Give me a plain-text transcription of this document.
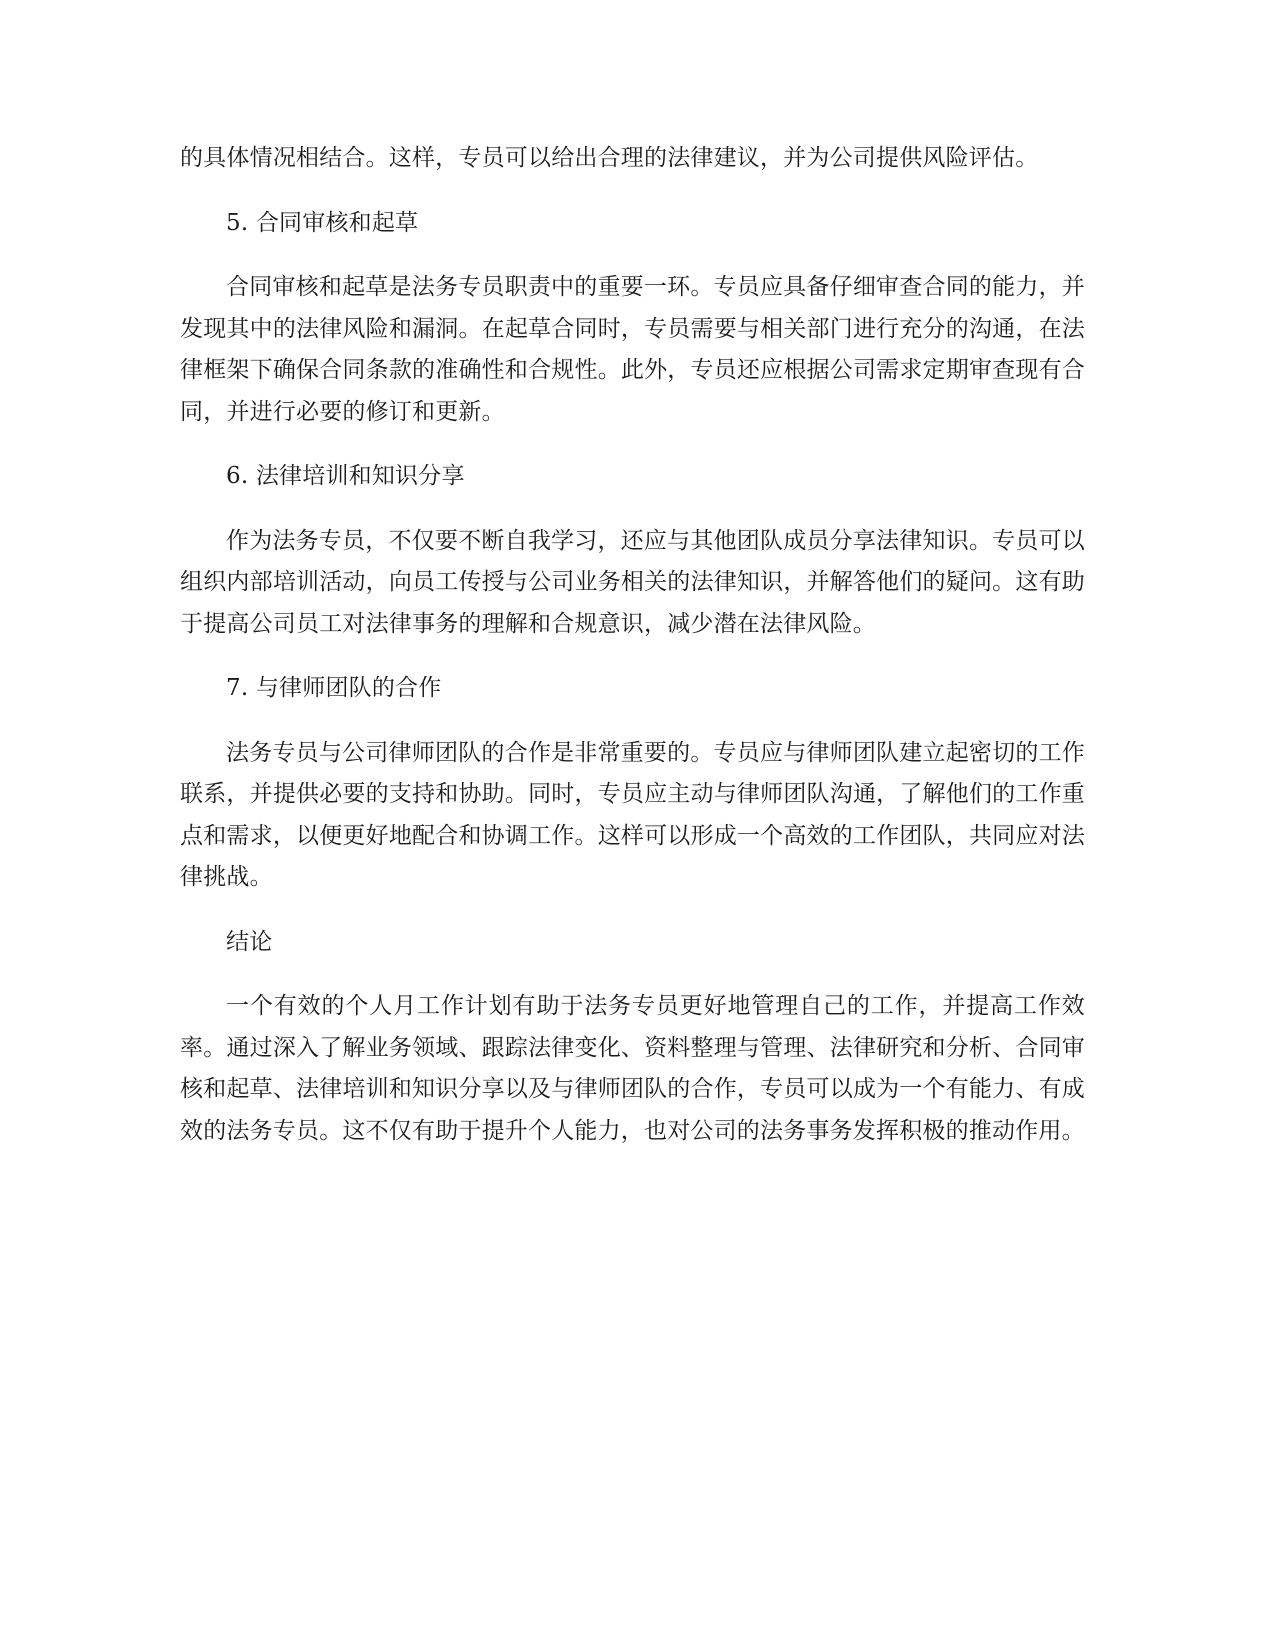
的具体情况相结合。这样，专员可以给出合理的法律建议，并为公司提供风险评估。

5. 合同审核和起草

合同审核和起草是法务专员职责中的重要一环。专员应具备仔细审查合同的能力，并发现其中的法律风险和漏洞。在起草合同时，专员需要与相关部门进行充分的沟通，在法律框架下确保合同条款的准确性和合规性。此外，专员还应根据公司需求定期审查现有合同，并进行必要的修订和更新。

6. 法律培训和知识分享

作为法务专员，不仅要不断自我学习，还应与其他团队成员分享法律知识。专员可以组织内部培训活动，向员工传授与公司业务相关的法律知识，并解答他们的疑问。这有助于提高公司员工对法律事务的理解和合规意识，减少潜在法律风险。

7. 与律师团队的合作

法务专员与公司律师团队的合作是非常重要的。专员应与律师团队建立起密切的工作联系，并提供必要的支持和协助。同时，专员应主动与律师团队沟通，了解他们的工作重点和需求，以便更好地配合和协调工作。这样可以形成一个高效的工作团队，共同应对法律挑战。

结论

一个有效的个人月工作计划有助于法务专员更好地管理自己的工作，并提高工作效率。通过深入了解业务领域、跟踪法律变化、资料整理与管理、法律研究和分析、合同审核和起草、法律培训和知识分享以及与律师团队的合作，专员可以成为一个有能力、有成效的法务专员。这不仅有助于提升个人能力，也对公司的法务事务发挥积极的推动作用。
